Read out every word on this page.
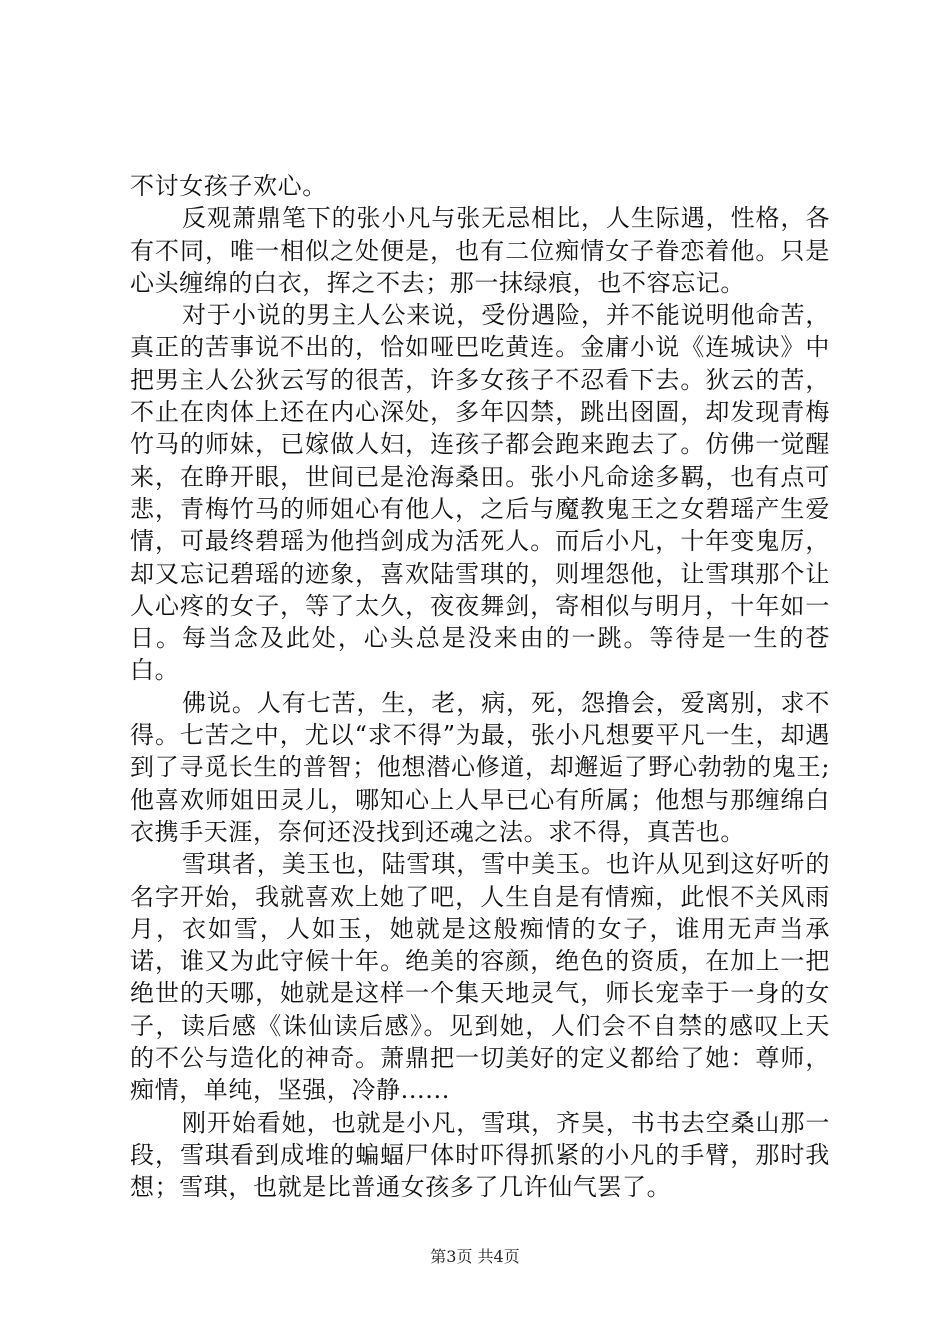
不讨女孩子欢心。

反观萧鼎笔下的张小凡与张无忌相比，人生际遇，性格，各有不同，唯一相似之处便是，也有二位痴情女子眷恋着他。只是心头缠绵的白衣，挥之不去；那一抹绿痕，也不容忘记。

对于小说的男主人公来说，受份遇险，并不能说明他命苦，真正的苦事说不出的，恰如哑巴吃黄连。金庸小说《连城诀》中把男主人公狄云写的很苦，许多女孩子不忍看下去。狄云的苦，不止在肉体上还在内心深处，多年囚禁，跳出囹圄，却发现青梅竹马的师妹，已嫁做人妇，连孩子都会跑来跑去了。仿佛一觉醒来，在睁开眼，世间已是沧海桑田。张小凡命途多羁，也有点可悲，青梅竹马的师姐心有他人，之后与魔教鬼王之女碧瑶产生爱情，可最终碧瑶为他挡剑成为活死人。而后小凡，十年变鬼厉，却又忘记碧瑶的迹象，喜欢陆雪琪的，则埋怨他，让雪琪那个让人心疼的女子，等了太久，夜夜舞剑，寄相似与明月，十年如一日。每当念及此处，心头总是没来由的一跳。等待是一生的苍白。

佛说。人有七苦，生，老，病，死，怨撸会，爱离别，求不得。七苦之中，尤以“求不得”为最，张小凡想要平凡一生，却遇到了寻觅长生的普智；他想潜心修道，却邂逅了野心勃勃的鬼王;他喜欢师姐田灵儿，哪知心上人早已心有所属；他想与那缠绵白衣携手天涯，奈何还没找到还魂之法。求不得，真苦也。

雪琪者，美玉也，陆雪琪，雪中美玉。也许从见到这好听的名字开始，我就喜欢上她了吧，人生自是有情痴，此恨不关风雨月，衣如雪，人如玉，她就是这般痴情的女子，谁用无声当承诺，谁又为此守候十年。绝美的容颜，绝色的资质，在加上一把绝世的天哪，她就是这样一个集天地灵气，师长宠幸于一身的女子，读后感《诛仙读后感》。见到她，人们会不自禁的感叹上天的不公与造化的神奇。萧鼎把一切美好的定义都给了她：尊师，痴情，单纯，坚强，冷静......

刚开始看她，也就是小凡，雪琪，齐昊，书书去空桑山那一段，雪琪看到成堆的蝙蝠尸体时吓得抓紧的小凡的手臂，那时我想；雪琪，也就是比普通女孩多了几许仙气罢了。

第3页 共4页
